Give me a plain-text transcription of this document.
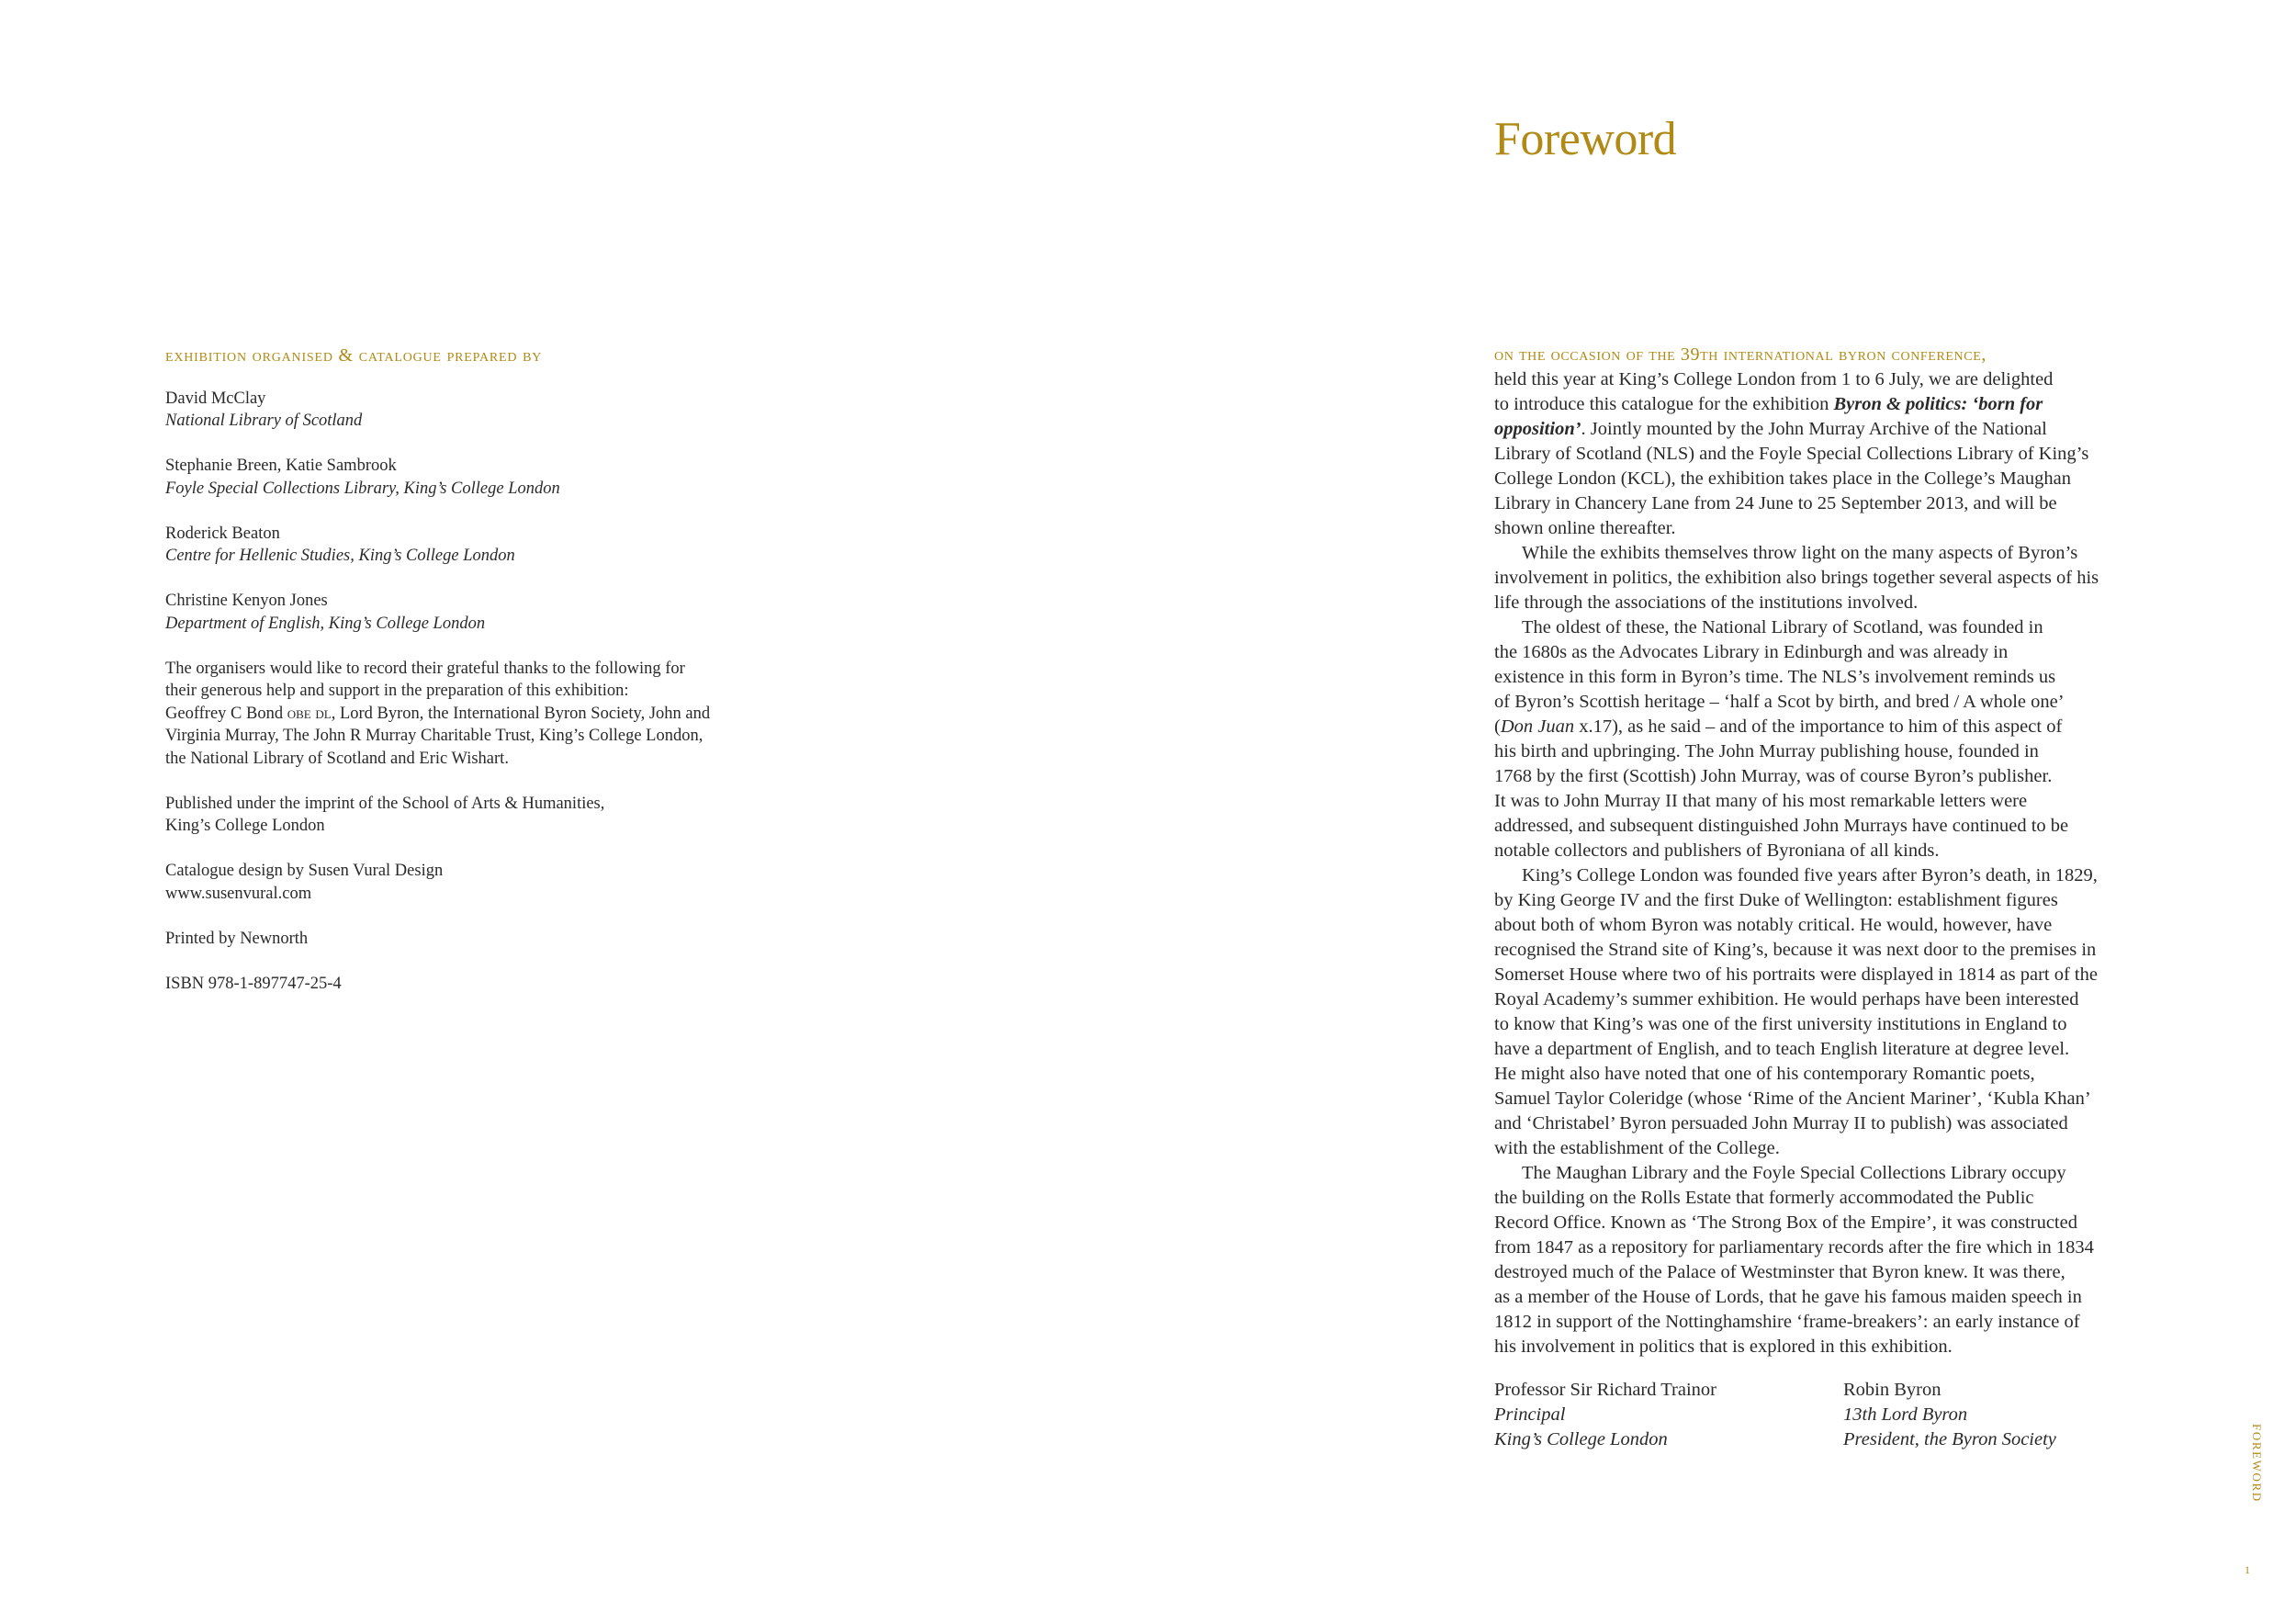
exhibition organised & catalogue prepared by
David McClay
National Library of Scotland
Stephanie Breen, Katie Sambrook
Foyle Special Collections Library, King’s College London
Roderick Beaton
Centre for Hellenic Studies, King’s College London
Christine Kenyon Jones
Department of English, King’s College London
The organisers would like to record their grateful thanks to the following for
their generous help and support in the preparation of this exhibition:
Geoffrey C Bond obe dl, Lord Byron, the International Byron Society, John and
Virginia Murray, The John R Murray Charitable Trust, King’s College London,
the National Library of Scotland and Eric Wishart.
Published under the imprint of the School of Arts & Humanities,
King’s College London
Catalogue design by Susen Vural Design
www.susenvural.com
Printed by Newnorth
ISBN 978-1-897747-25-4
Foreword
on the occasion of the 39th international byron conference,
held this year at King’s College London from 1 to 6 July, we are delighted
to introduce this catalogue for the exhibition Byron & politics: ‘born for
opposition’. Jointly mounted by the John Murray Archive of the National
Library of Scotland (NLS) and the Foyle Special Collections Library of King’s
College London (KCL), the exhibition takes place in the College’s Maughan
Library in Chancery Lane from 24 June to 25 September 2013, and will be
shown online thereafter.
While the exhibits themselves throw light on the many aspects of Byron’s
involvement in politics, the exhibition also brings together several aspects of his
life through the associations of the institutions involved.
The oldest of these, the National Library of Scotland, was founded in
the 1680s as the Advocates Library in Edinburgh and was already in
existence in this form in Byron’s time. The NLS’s involvement reminds us
of Byron’s Scottish heritage – ‘half a Scot by birth, and bred / A whole one’
(Don Juan x.17), as he said – and of the importance to him of this aspect of
his birth and upbringing. The John Murray publishing house, founded in
1768 by the first (Scottish) John Murray, was of course Byron’s publisher.
It was to John Murray II that many of his most remarkable letters were
addressed, and subsequent distinguished John Murrays have continued to be
notable collectors and publishers of Byroniana of all kinds.
King’s College London was founded five years after Byron’s death, in 1829,
by King George IV and the first Duke of Wellington: establishment figures
about both of whom Byron was notably critical. He would, however, have
recognised the Strand site of King’s, because it was next door to the premises in
Somerset House where two of his portraits were displayed in 1814 as part of the
Royal Academy’s summer exhibition. He would perhaps have been interested
to know that King’s was one of the first university institutions in England to
have a department of English, and to teach English literature at degree level.
He might also have noted that one of his contemporary Romantic poets,
Samuel Taylor Coleridge (whose ‘Rime of the Ancient Mariner’, ‘Kubla Khan’
and ‘Christabel’ Byron persuaded John Murray II to publish) was associated
with the establishment of the College.
The Maughan Library and the Foyle Special Collections Library occupy
the building on the Rolls Estate that formerly accommodated the Public
Record Office. Known as ‘The Strong Box of the Empire’, it was constructed
from 1847 as a repository for parliamentary records after the fire which in 1834
destroyed much of the Palace of Westminster that Byron knew. It was there,
as a member of the House of Lords, that he gave his famous maiden speech in
1812 in support of the Nottinghamshire ‘frame-breakers’: an early instance of
his involvement in politics that is explored in this exhibition.
Professor Sir Richard Trainor
Principal
King’s College London
Robin Byron
13th Lord Byron
President, the Byron Society	FOREWORD
1
